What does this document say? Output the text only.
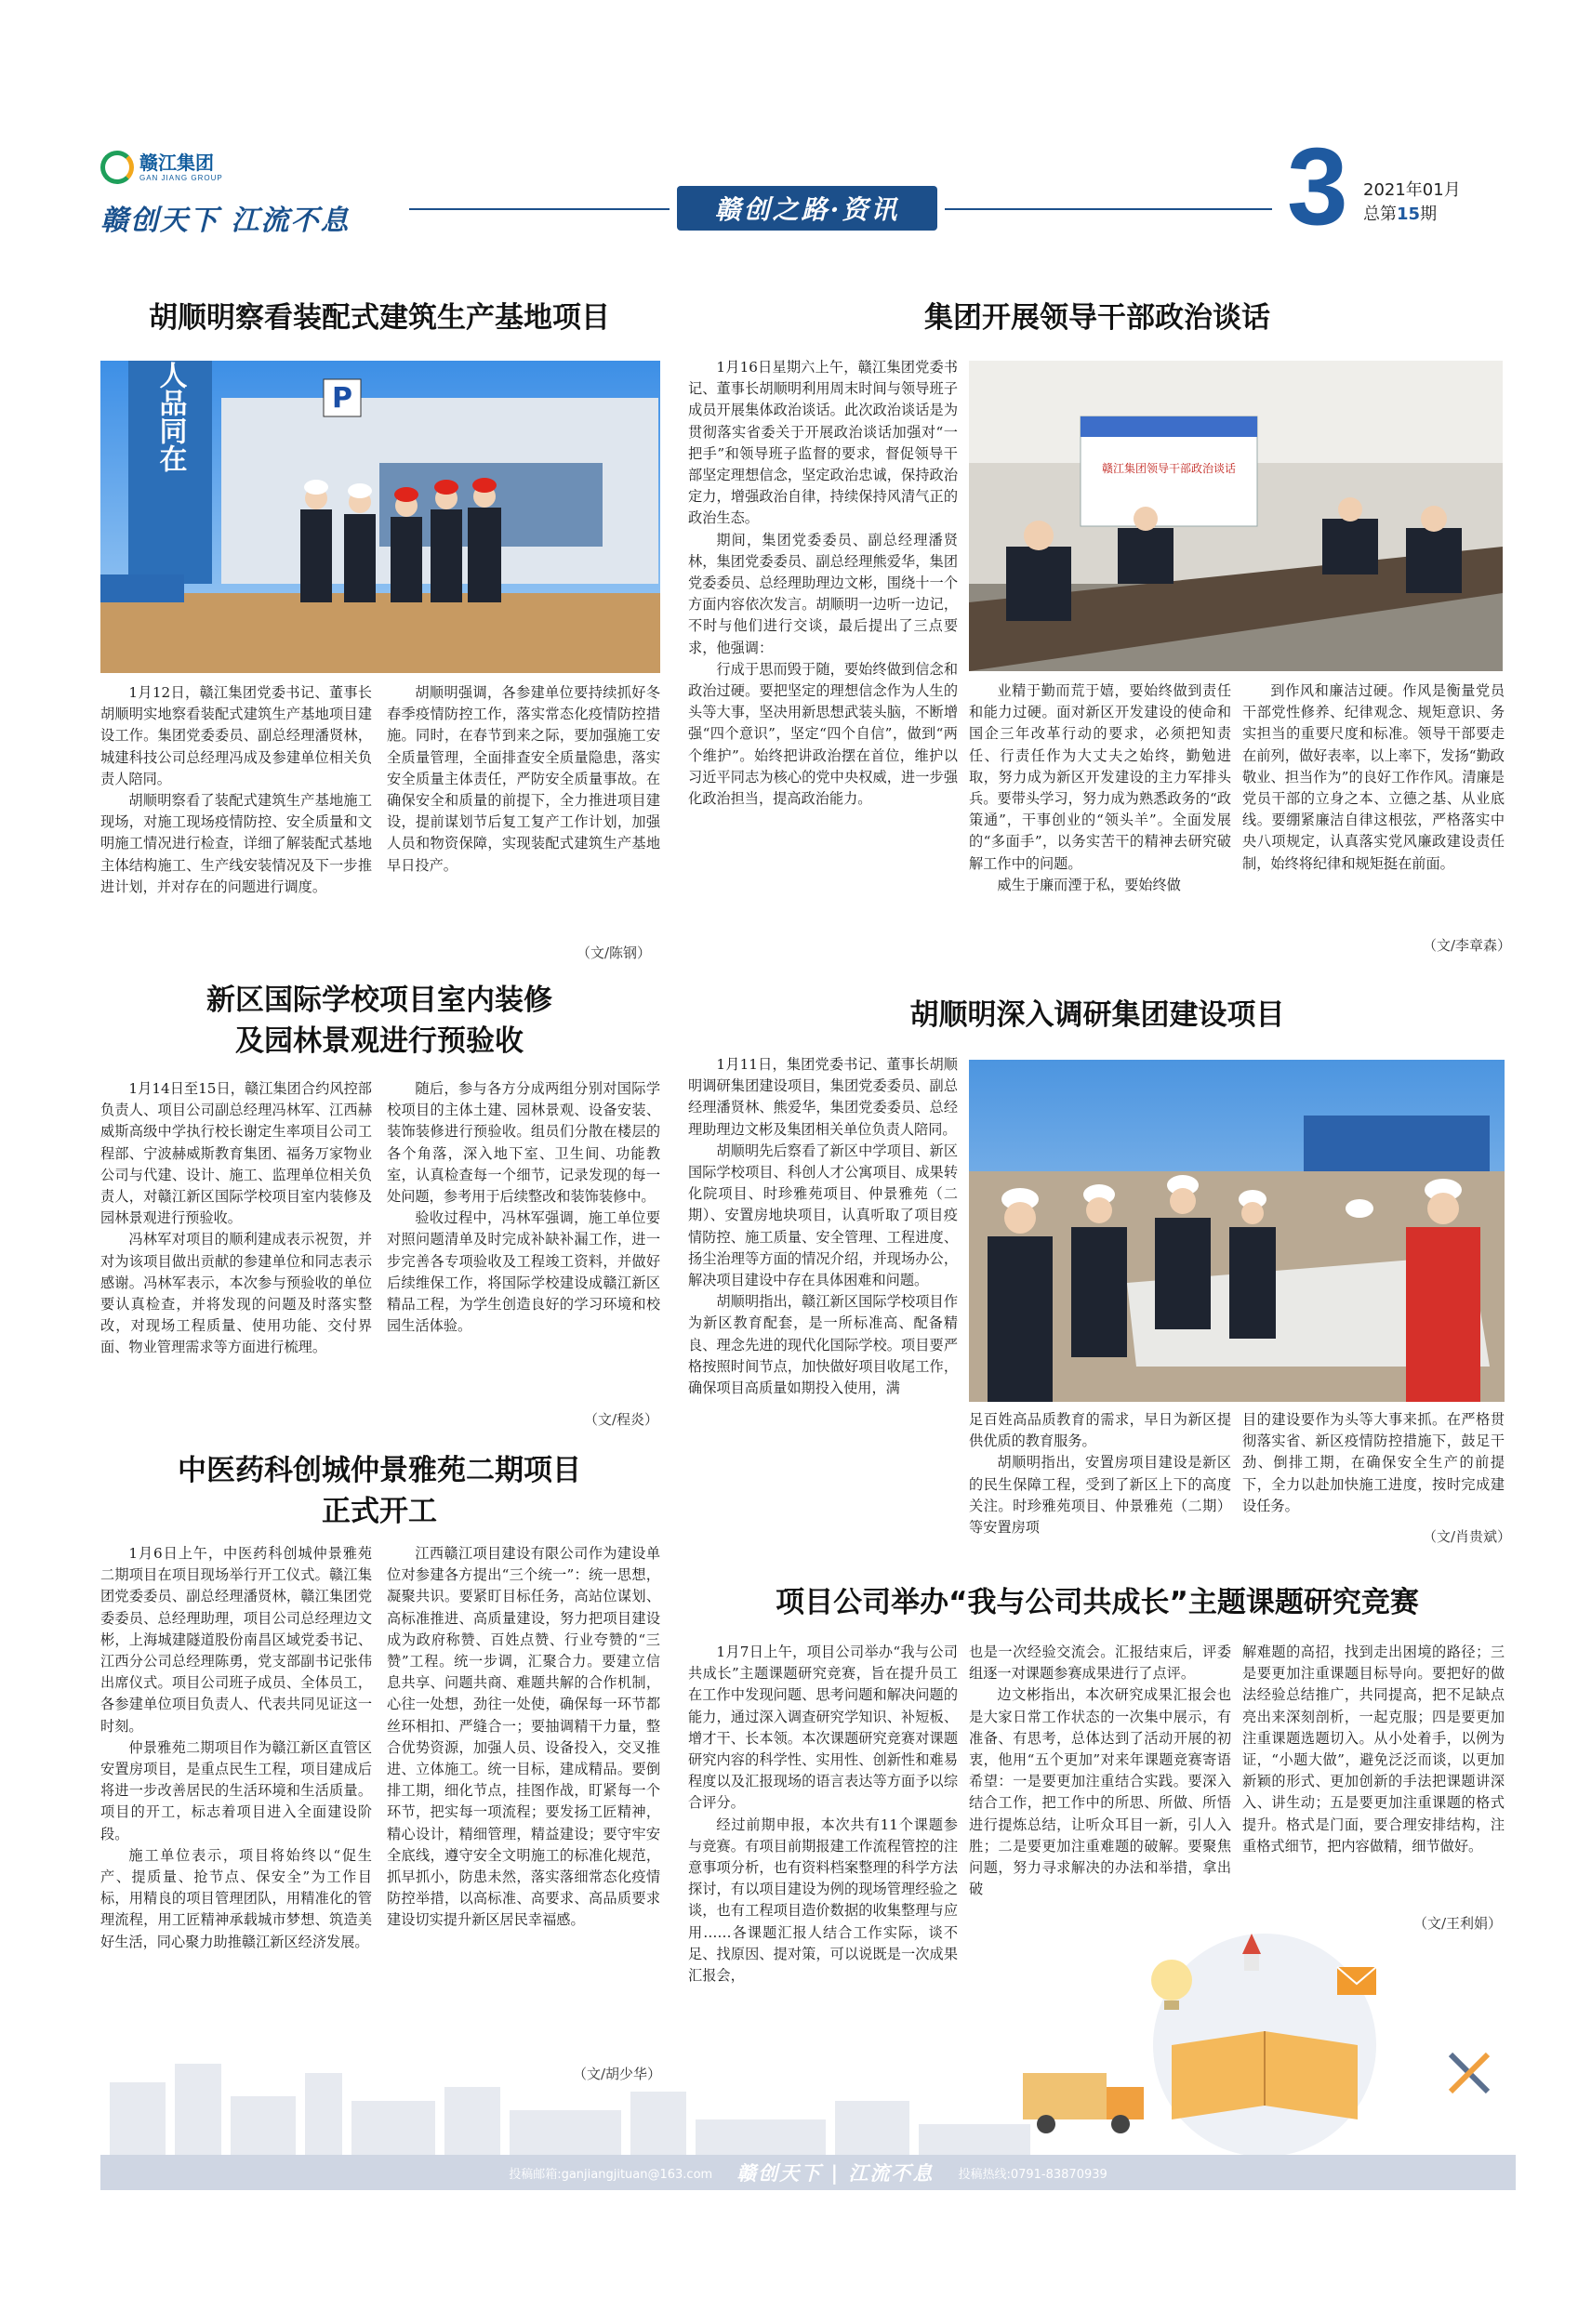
赣江集团
GAN JIANG GROUP
赣创天下 江流不息	赣创之路·资讯	3 2021年01月
总第15期
胡顺明察看装配式建筑生产基地项目
人品同在	P

1月12日，赣江集团党委书记、董事长胡顺明实地察看装配式建筑生产基地项目建设工作。集团党委委员、副总经理潘贤林，城建科技公司总经理冯成及参建单位相关负责人陪同。

胡顺明察看了装配式建筑生产基地施工现场，对施工现场疫情防控、安全质量和文明施工情况进行检查，详细了解装配式基地主体结构施工、生产线安装情况及下一步推进计划，并对存在的问题进行调度。

胡顺明强调，各参建单位要持续抓好冬春季疫情防控工作，落实常态化疫情防控措施。同时，在春节到来之际，要加强施工安全质量管理，全面排查安全质量隐患，落实安全质量主体责任，严防安全质量事故。在确保安全和质量的前提下，全力推进项目建设，提前谋划节后复工复产工作计划，加强人员和物资保障，实现装配式建筑生产基地早日投产。

（文/陈钢）
集团开展领导干部政治谈话

1月16日星期六上午，赣江集团党委书记、董事长胡顺明利用周末时间与领导班子成员开展集体政治谈话。此次政治谈话是为贯彻落实省委关于开展政治谈话加强对“一把手”和领导班子监督的要求，督促领导干部坚定理想信念，坚定政治忠诚，保持政治定力，增强政治自律，持续保持风清气正的政治生态。

期间，集团党委委员、副总经理潘贤林，集团党委委员、副总经理熊爱华，集团党委委员、总经理助理边文彬，围绕十一个方面内容依次发言。胡顺明一边听一边记，不时与他们进行交谈，最后提出了三点要求，他强调：

行成于思而毁于随，要始终做到信念和政治过硬。要把坚定的理想信念作为人生的头等大事，坚决用新思想武装头脑，不断增强“四个意识”，坚定“四个自信”，做到“两个维护”。始终把讲政治摆在首位，维护以习近平同志为核心的党中央权威，进一步强化政治担当，提高政治能力。

赣江集团领导干部政治谈话

业精于勤而荒于嬉，要始终做到责任和能力过硬。面对新区开发建设的使命和国企三年改革行动的要求，必须把知责任、行责任作为大丈夫之始终，勤勉进取，努力成为新区开发建设的主力军排头兵。要带头学习，努力成为熟悉政务的“政策通”，干事创业的“领头羊”。全面发展的“多面手”，以务实苦干的精神去研究破解工作中的问题。

威生于廉而湮于私，要始终做

到作风和廉洁过硬。作风是衡量党员干部党性修养、纪律观念、规矩意识、务实担当的重要尺度和标准。领导干部要走在前列，做好表率，以上率下，发扬“勤政敬业、担当作为”的良好工作作风。清廉是党员干部的立身之本、立德之基、从业底线。要绷紧廉洁自律这根弦，严格落实中央八项规定，认真落实党风廉政建设责任制，始终将纪律和规矩挺在前面。

（文/李章森）
新区国际学校项目室内装修
及园林景观进行预验收

1月14日至15日，赣江集团合约风控部负责人、项目公司副总经理冯林军、江西赫威斯高级中学执行校长谢定生率项目公司工程部、宁波赫威斯教育集团、福务万家物业公司与代建、设计、施工、监理单位相关负责人，对赣江新区国际学校项目室内装修及园林景观进行预验收。

冯林军对项目的顺利建成表示祝贺，并对为该项目做出贡献的参建单位和同志表示感谢。冯林军表示，本次参与预验收的单位要认真检查，并将发现的问题及时落实整改，对现场工程质量、使用功能、交付界面、物业管理需求等方面进行梳理。

随后，参与各方分成两组分别对国际学校项目的主体土建、园林景观、设备安装、装饰装修进行预验收。组员们分散在楼层的各个角落，深入地下室、卫生间、功能教室，认真检查每一个细节，记录发现的每一处问题，参考用于后续整改和装饰装修中。

验收过程中，冯林军强调，施工单位要对照问题清单及时完成补缺补漏工作，进一步完善各专项验收及工程竣工资料，并做好后续维保工作，将国际学校建设成赣江新区精品工程，为学生创造良好的学习环境和校园生活体验。

（文/程炎）
胡顺明深入调研集团建设项目

1月11日，集团党委书记、董事长胡顺明调研集团建设项目，集团党委委员、副总经理潘贤林、熊爱华，集团党委委员、总经理助理边文彬及集团相关单位负责人陪同。

胡顺明先后察看了新区中学项目、新区国际学校项目、科创人才公寓项目、成果转化院项目、时珍雅苑项目、仲景雅苑（二期）、安置房地块项目，认真听取了项目疫情防控、施工质量、安全管理、工程进度、扬尘治理等方面的情况介绍，并现场办公，解决项目建设中存在具体困难和问题。

胡顺明指出，赣江新区国际学校项目作为新区教育配套，是一所标准高、配备精良、理念先进的现代化国际学校。项目要严格按照时间节点，加快做好项目收尾工作，确保项目高质量如期投入使用，满

足百姓高品质教育的需求，早日为新区提供优质的教育服务。

胡顺明指出，安置房项目建设是新区的民生保障工程，受到了新区上下的高度关注。时珍雅苑项目、仲景雅苑（二期）等安置房项

目的建设要作为头等大事来抓。在严格贯彻落实省、新区疫情防控措施下，鼓足干劲、倒排工期，在确保安全生产的前提下，全力以赴加快施工进度，按时完成建设任务。

（文/肖贵斌）
中医药科创城仲景雅苑二期项目
正式开工

1月6日上午，中医药科创城仲景雅苑二期项目在项目现场举行开工仪式。赣江集团党委委员、副总经理潘贤林，赣江集团党委委员、总经理助理，项目公司总经理边文彬，上海城建隧道股份南昌区域党委书记、江西分公司总经理陈勇，党支部副书记张伟出席仪式。项目公司班子成员、全体员工，各参建单位项目负责人、代表共同见证这一时刻。

仲景雅苑二期项目作为赣江新区直管区安置房项目，是重点民生工程，项目建成后将进一步改善居民的生活环境和生活质量。项目的开工，标志着项目进入全面建设阶段。

施工单位表示，项目将始终以“促生产、提质量、抢节点、保安全”为工作目标，用精良的项目管理团队，用精准化的管理流程，用工匠精神承载城市梦想、筑造美好生活，同心聚力助推赣江新区经济发展。

江西赣江项目建设有限公司作为建设单位对参建各方提出“三个统一”：统一思想，凝聚共识。要紧盯目标任务，高站位谋划、高标准推进、高质量建设，努力把项目建设成为政府称赞、百姓点赞、行业夸赞的“三赞”工程。统一步调，汇聚合力。要建立信息共享、问题共商、难题共解的合作机制，心往一处想，劲往一处使，确保每一环节都丝环相扣、严缝合一；要抽调精干力量，整合优势资源，加强人员、设备投入，交叉推进、立体施工。统一目标，建成精品。要倒排工期，细化节点，挂图作战，盯紧每一个环节，把实每一项流程；要发扬工匠精神，精心设计，精细管理，精益建设；要守牢安全底线，遵守安全文明施工的标准化规范，抓早抓小，防患未然，落实落细常态化疫情防控举措，以高标准、高要求、高品质要求建设切实提升新区居民幸福感。

（文/胡少华）
项目公司举办“我与公司共成长”主题课题研究竞赛

1月7日上午，项目公司举办“我与公司共成长”主题课题研究竞赛，旨在提升员工在工作中发现问题、思考问题和解决问题的能力，通过深入调查研究学知识、补短板、增才干、长本领。本次课题研究竞赛对课题研究内容的科学性、实用性、创新性和难易程度以及汇报现场的语言表达等方面予以综合评分。

经过前期申报，本次共有11个课题参与竞赛。有项目前期报建工作流程管控的注意事项分析，也有资料档案整理的科学方法探讨，有以项目建设为例的现场管理经验之谈，也有工程项目造价数据的收集整理与应用……各课题汇报人结合工作实际，谈不足、找原因、提对策，可以说既是一次成果汇报会，

也是一次经验交流会。汇报结束后，评委组逐一对课题参赛成果进行了点评。

边文彬指出，本次研究成果汇报会也是大家日常工作状态的一次集中展示，有准备、有思考，总体达到了活动开展的初衷，他用“五个更加”对来年课题竞赛寄语希望：一是要更加注重结合实践。要深入结合工作，把工作中的所思、所做、所悟进行提炼总结，让听众耳目一新，引人入胜；二是要更加注重难题的破解。要聚焦问题，努力寻求解决的办法和举措，拿出破

解难题的高招，找到走出困境的路径；三是要更加注重课题目标导向。要把好的做法经验总结推广，共同提高，把不足缺点亮出来深刻剖析，一起克服；四是要更加注重课题选题切入。从小处着手，以例为证，“小题大做”，避免泛泛而谈，以更加新颖的形式、更加创新的手法把课题讲深入、讲生动；五是要更加注重课题的格式提升。格式是门面，要合理安排结构，注重格式细节，把内容做精，细节做好。

（文/王利娟）
投稿邮箱:ganjiangjituan@163.com 赣创天下 | 江流不息 投稿热线:0791-83870939
